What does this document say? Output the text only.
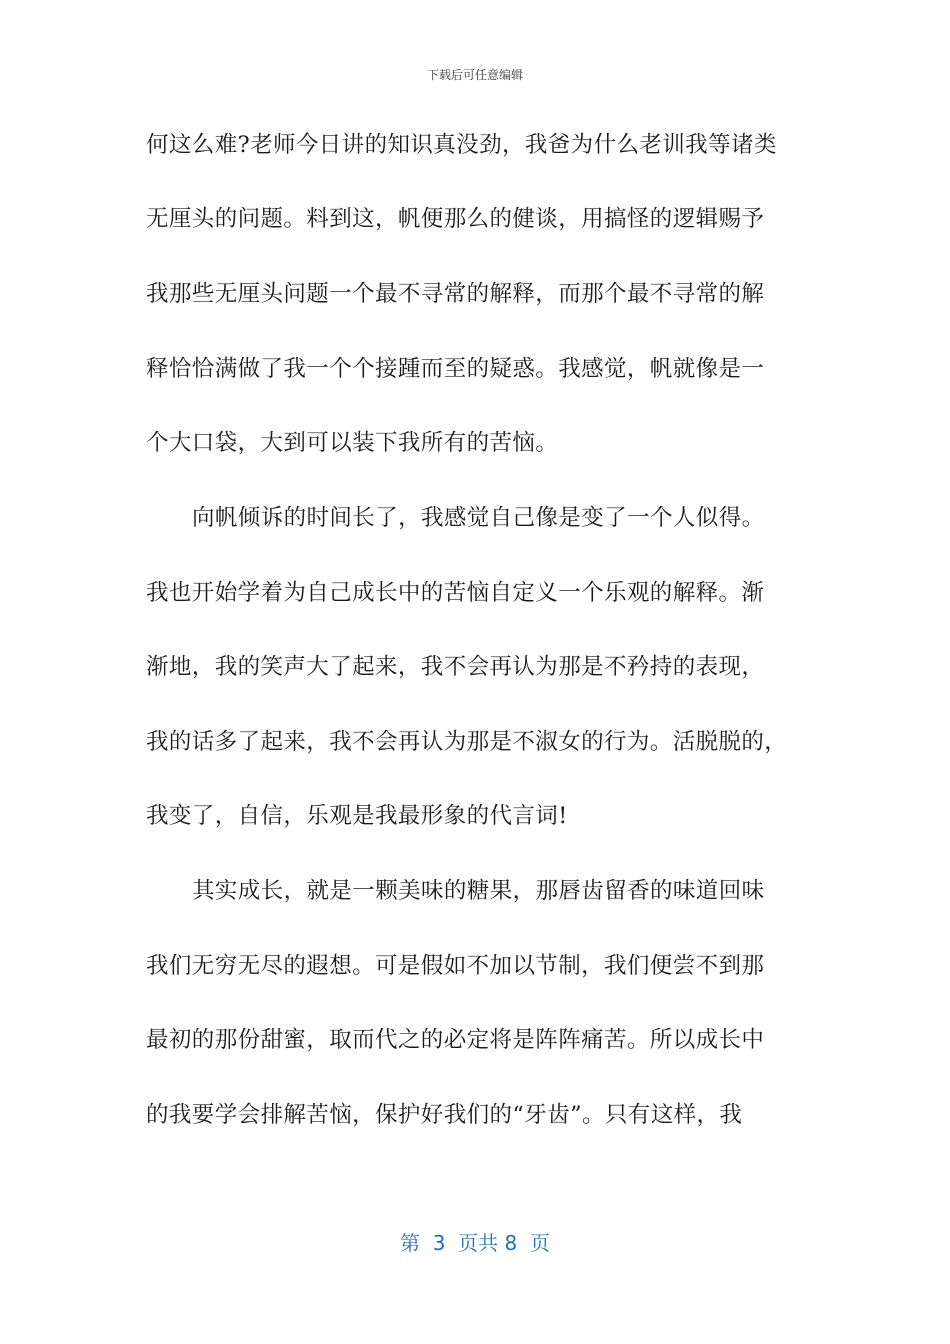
下载后可任意编辑
何这么难?老师今日讲的知识真没劲，我爸为什么老训我等诸类
无厘头的问题。料到这，帆便那么的健谈，用搞怪的逻辑赐予
我那些无厘头问题一个最不寻常的解释，而那个最不寻常的解
释恰恰满做了我一个个接踵而至的疑惑。我感觉，帆就像是一
个大口袋，大到可以装下我所有的苦恼。
向帆倾诉的时间长了，我感觉自己像是变了一个人似得。
我也开始学着为自己成长中的苦恼自定义一个乐观的解释。渐
渐地，我的笑声大了起来，我不会再认为那是不矜持的表现，
我的话多了起来，我不会再认为那是不淑女的行为。活脱脱的，
我变了，自信，乐观是我最形象的代言词!
其实成长，就是一颗美味的糖果，那唇齿留香的味道回味
我们无穷无尽的遐想。可是假如不加以节制，我们便尝不到那
最初的那份甜蜜，取而代之的必定将是阵阵痛苦。所以成长中
的我要学会排解苦恼，保护好我们的“牙齿”。只有这样，我
第  3  页共 8  页
